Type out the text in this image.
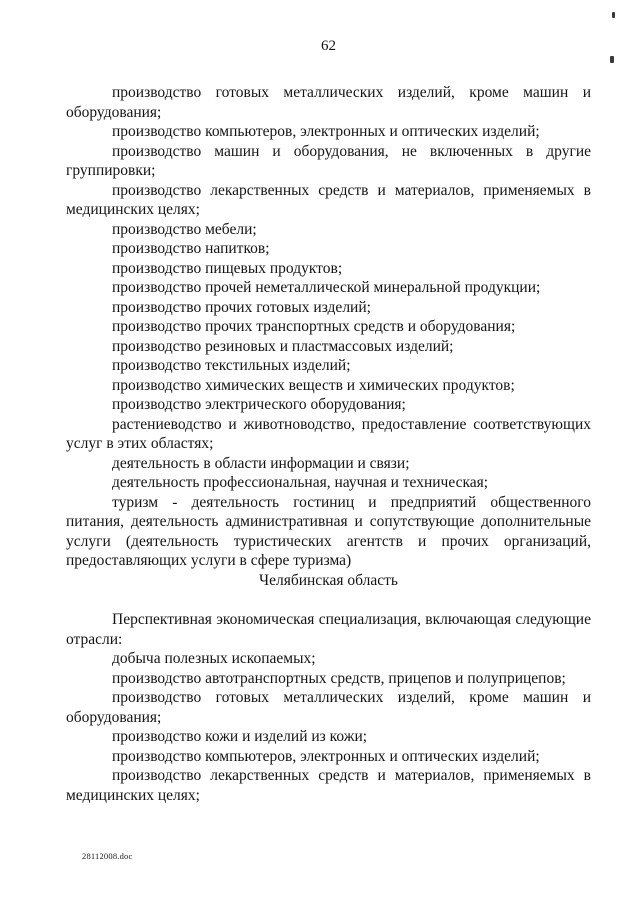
62

производство готовых металлических изделий, кроме машин и оборудования;

производство компьютеров, электронных и оптических изделий;

производство машин и оборудования, не включенных в другие группировки;

производство лекарственных средств и материалов, применяемых в медицинских целях;

производство мебели;

производство напитков;

производство пищевых продуктов;

производство прочей неметаллической минеральной продукции;

производство прочих готовых изделий;

производство прочих транспортных средств и оборудования;

производство резиновых и пластмассовых изделий;

производство текстильных изделий;

производство химических веществ и химических продуктов;

производство электрического оборудования;

растениеводство и животноводство, предоставление соответствующих услуг в этих областях;

деятельность в области информации и связи;

деятельность профессиональная, научная и техническая;

туризм - деятельность гостиниц и предприятий общественного питания, деятельность административная и сопутствующие дополнительные услуги (деятельность туристических агентств и прочих организаций, предоставляющих услуги в сфере туризма)

Челябинская область

Перспективная экономическая специализация, включающая следующие отрасли:

добыча полезных ископаемых;

производство автотранспортных средств, прицепов и полуприцепов;

производство готовых металлических изделий, кроме машин и оборудования;

производство кожи и изделий из кожи;

производство компьютеров, электронных и оптических изделий;

производство лекарственных средств и материалов, применяемых в медицинских целях;

28112008.doc
